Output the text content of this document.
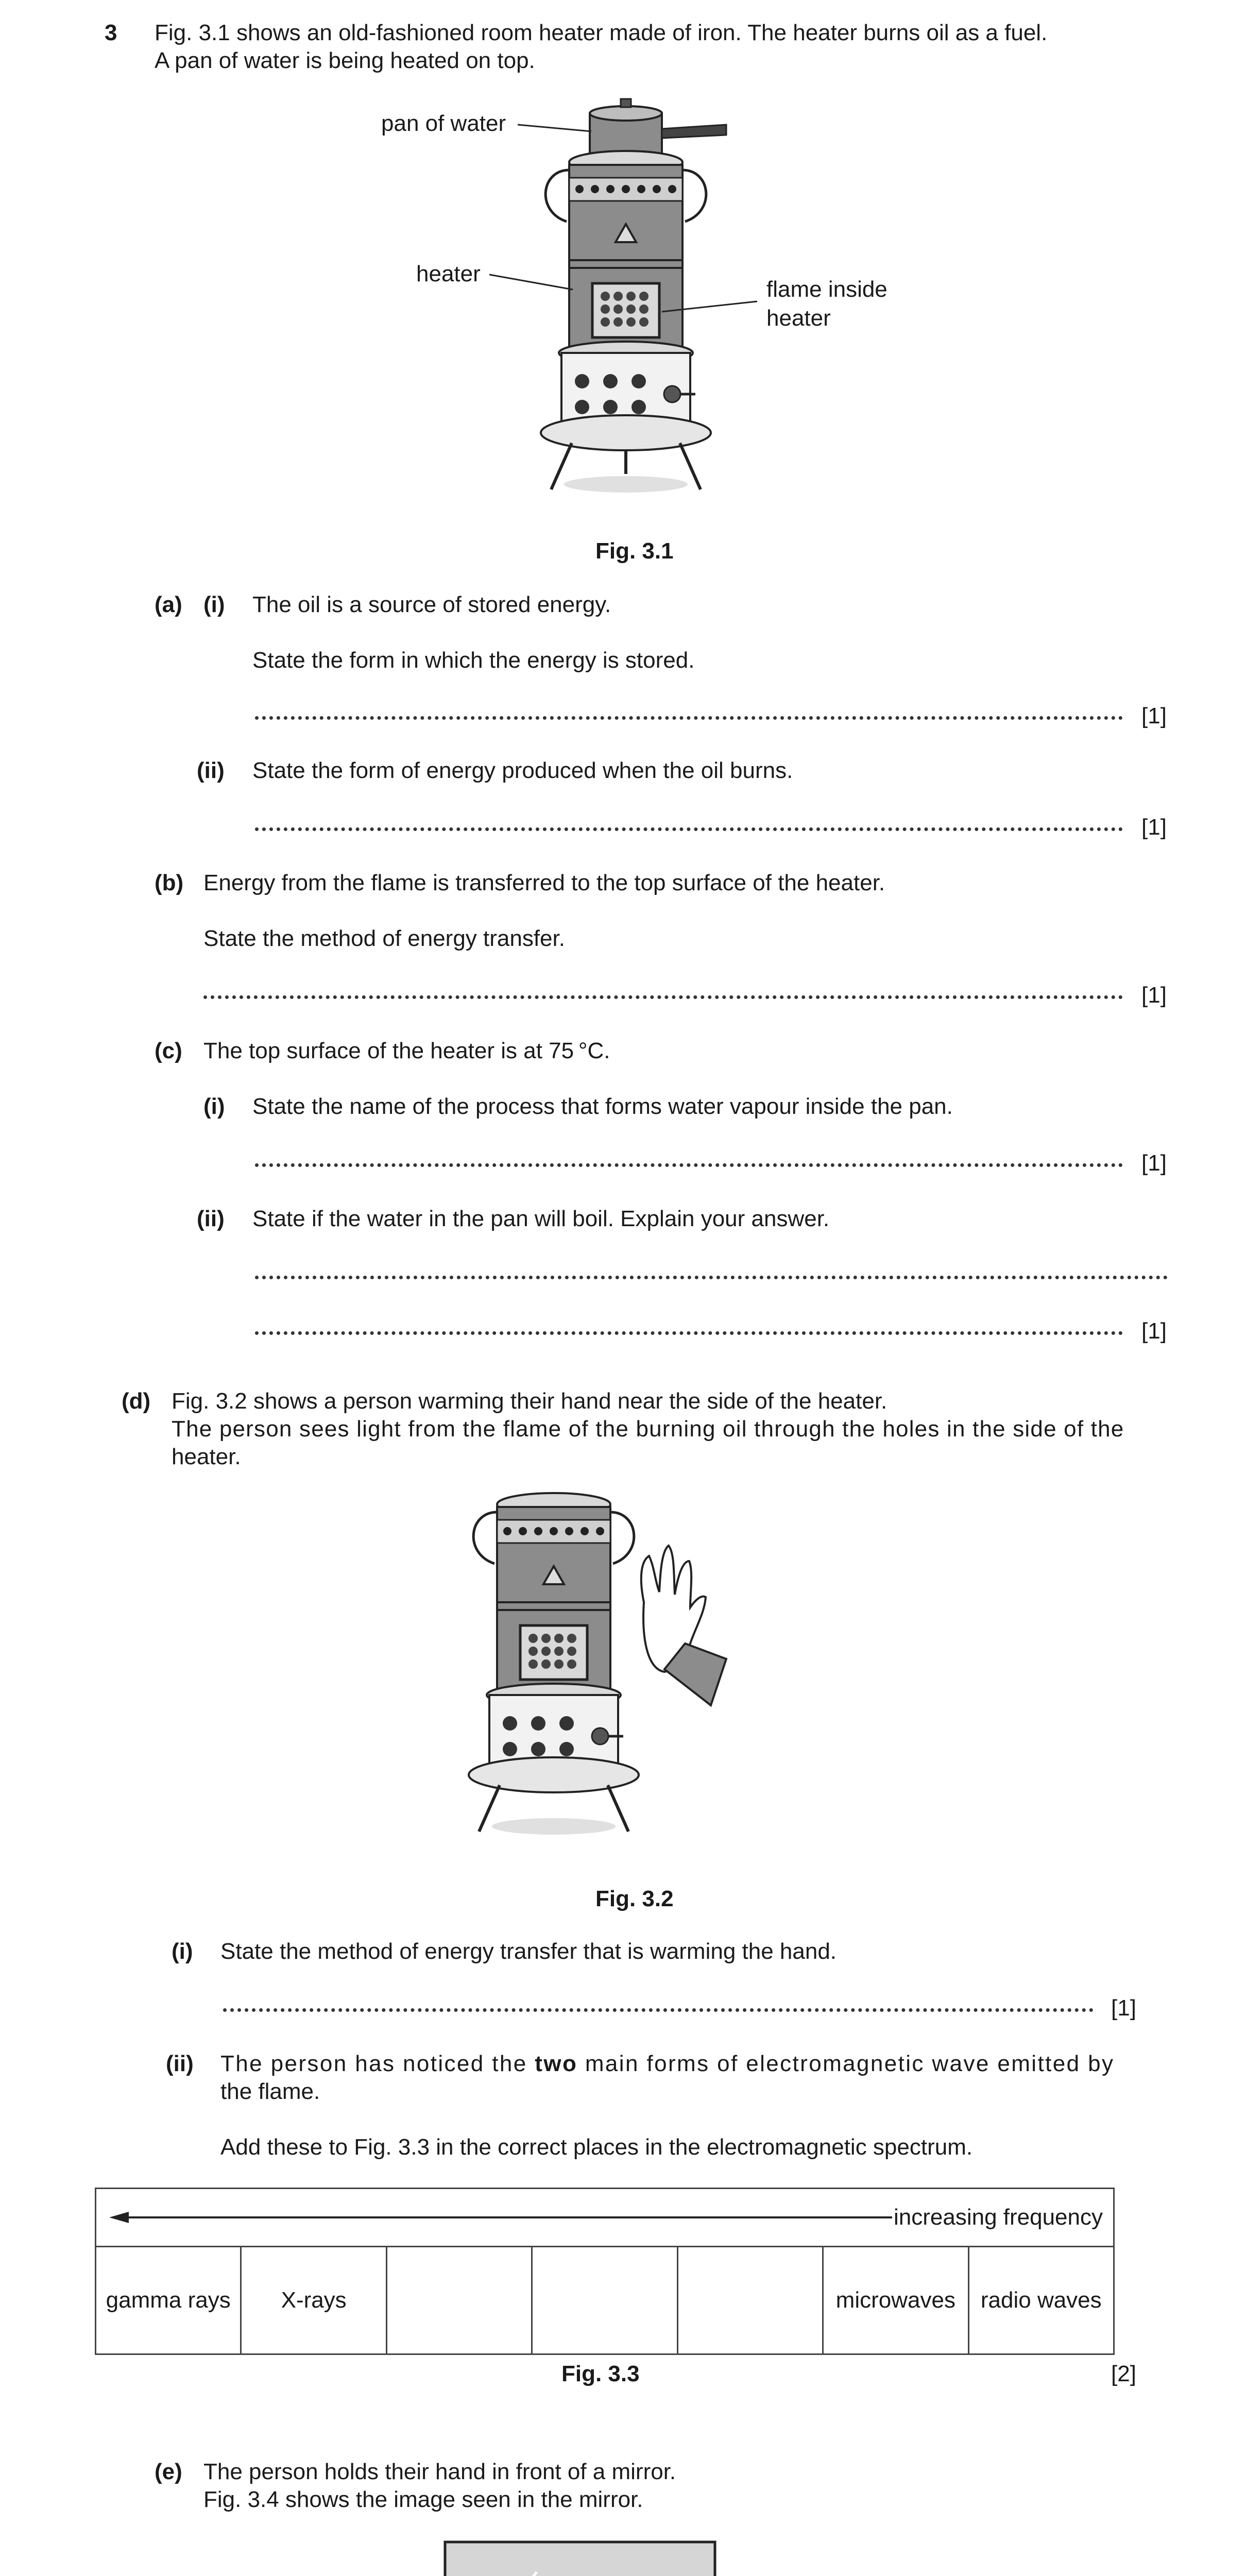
3 Fig. 3.1 shows an old-fashioned room heater made of iron. The heater burns oil as a fuel.
A pan of water is being heated on top.
pan of water
heater
flame inside
heater
Fig. 3.1
(a) (i) The oil is a source of stored energy.
State the form in which the energy is stored.
[1]
(ii) State the form of energy produced when the oil burns.
[1]
(b) Energy from the flame is transferred to the top surface of the heater.
State the method of energy transfer.
[1]
(c) The top surface of the heater is at 75 °C.
(i) State the name of the process that forms water vapour inside the pan.
[1]
(ii) State if the water in the pan will boil. Explain your answer.
[1]
(d) Fig. 3.2 shows a person warming their hand near the side of the heater.
The person sees light from the flame of the burning oil through the holes in the side of the
heater.
Fig. 3.2
(i) State the method of energy transfer that is warming the hand.
[1]
(ii) The person has noticed the two main forms of electromagnetic wave emitted by
the flame.
Add these to Fig. 3.3 in the correct places in the electromagnetic spectrum.
increasing frequency
gamma rays	X-rays				microwaves	radio waves
Fig. 3.3	[2]
(e) The person holds their hand in front of a mirror.
Fig. 3.4 shows the image seen in the mirror.
